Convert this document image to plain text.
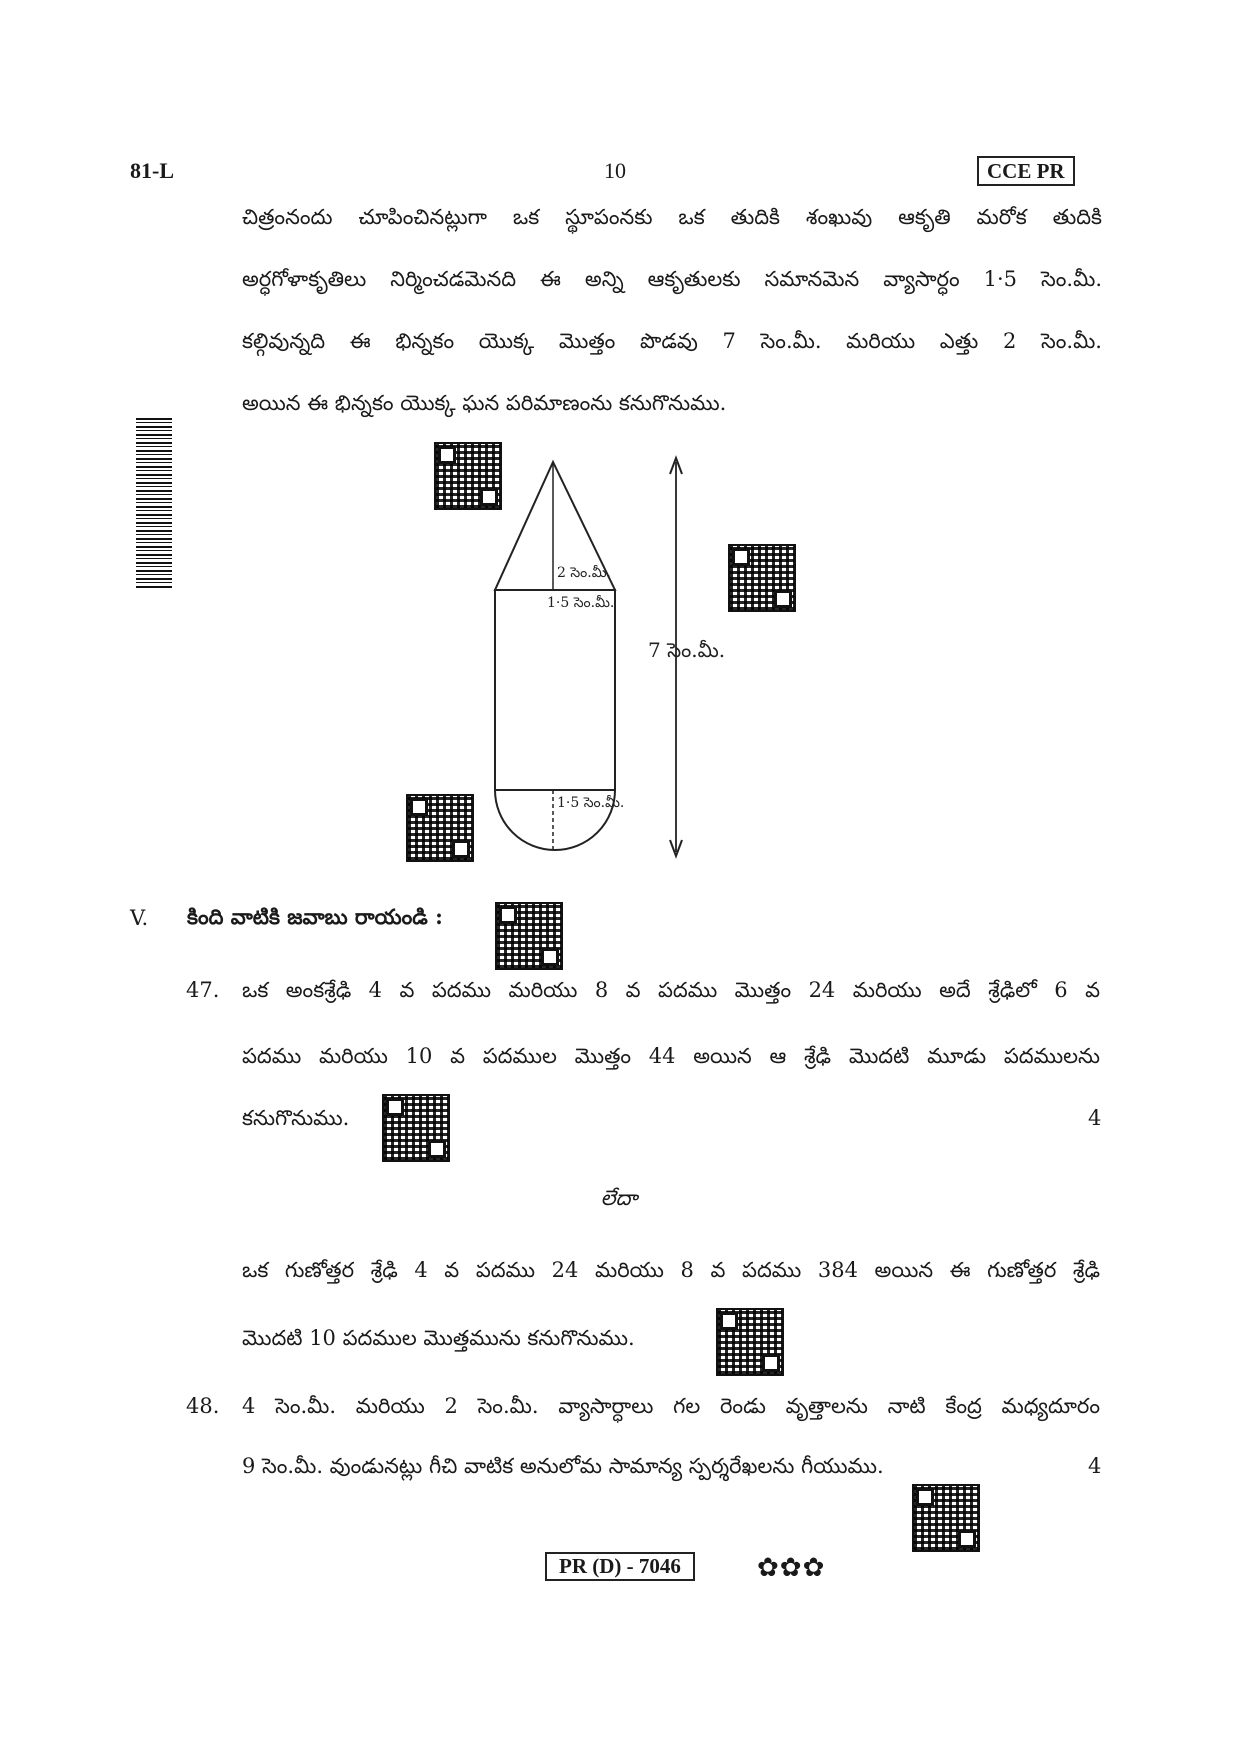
81-L	10	CCE PR
చిత్రంనందు చూపించినట్లుగా ఒక స్థూపంనకు ఒక తుదికి శంఖువు ఆకృతి మరోక తుదికి
అర్ధగోళాకృతిలు నిర్మించడమెనది ఈ అన్ని ఆకృతులకు సమానమెన వ్యాసార్ధం 1·5 సెం.మీ.
కల్గివున్నది ఈ భిన్నకం యొక్క మొత్తం పొడవు 7 సెం.మీ. మరియు ఎత్తు 2 సెం.మీ.
అయిన ఈ భిన్నకం యొక్క ఘన పరిమాణంను కనుగొనుము.
2 సెం.మీ.
1·5 సెం.మీ.
1·5 సెం.మీ.
7 సెం.మీ.
V. కింది వాటికి జవాబు రాయండి :
47. ఒక అంకశ్రేఢి 4 వ పదము మరియు 8 వ పదము మొత్తం 24 మరియు అదే శ్రేఢిలో 6 వ
పదము మరియు 10 వ పదముల మొత్తం 44 అయిన ఆ శ్రేఢి మొదటి మూడు పదములను
కనుగొనుము.	4
లేదా
ఒక గుణోత్తర శ్రేఢి 4 వ పదము 24 మరియు 8 వ పదము 384 అయిన ఈ గుణోత్తర శ్రేఢి
మొదటి 10 పదముల మొత్తమును కనుగొనుము.
48. 4 సెం.మీ. మరియు 2 సెం.మీ. వ్యాసార్ధాలు గల రెండు వృత్తాలను నాటి కేంద్ర మధ్యదూరం
9 సెం.మీ. వుండునట్లు గీచి వాటిక అనులోమ సామాన్య స్పర్శరేఖలను గీయుము.	4
PR (D) - 7046	✿✿✿
